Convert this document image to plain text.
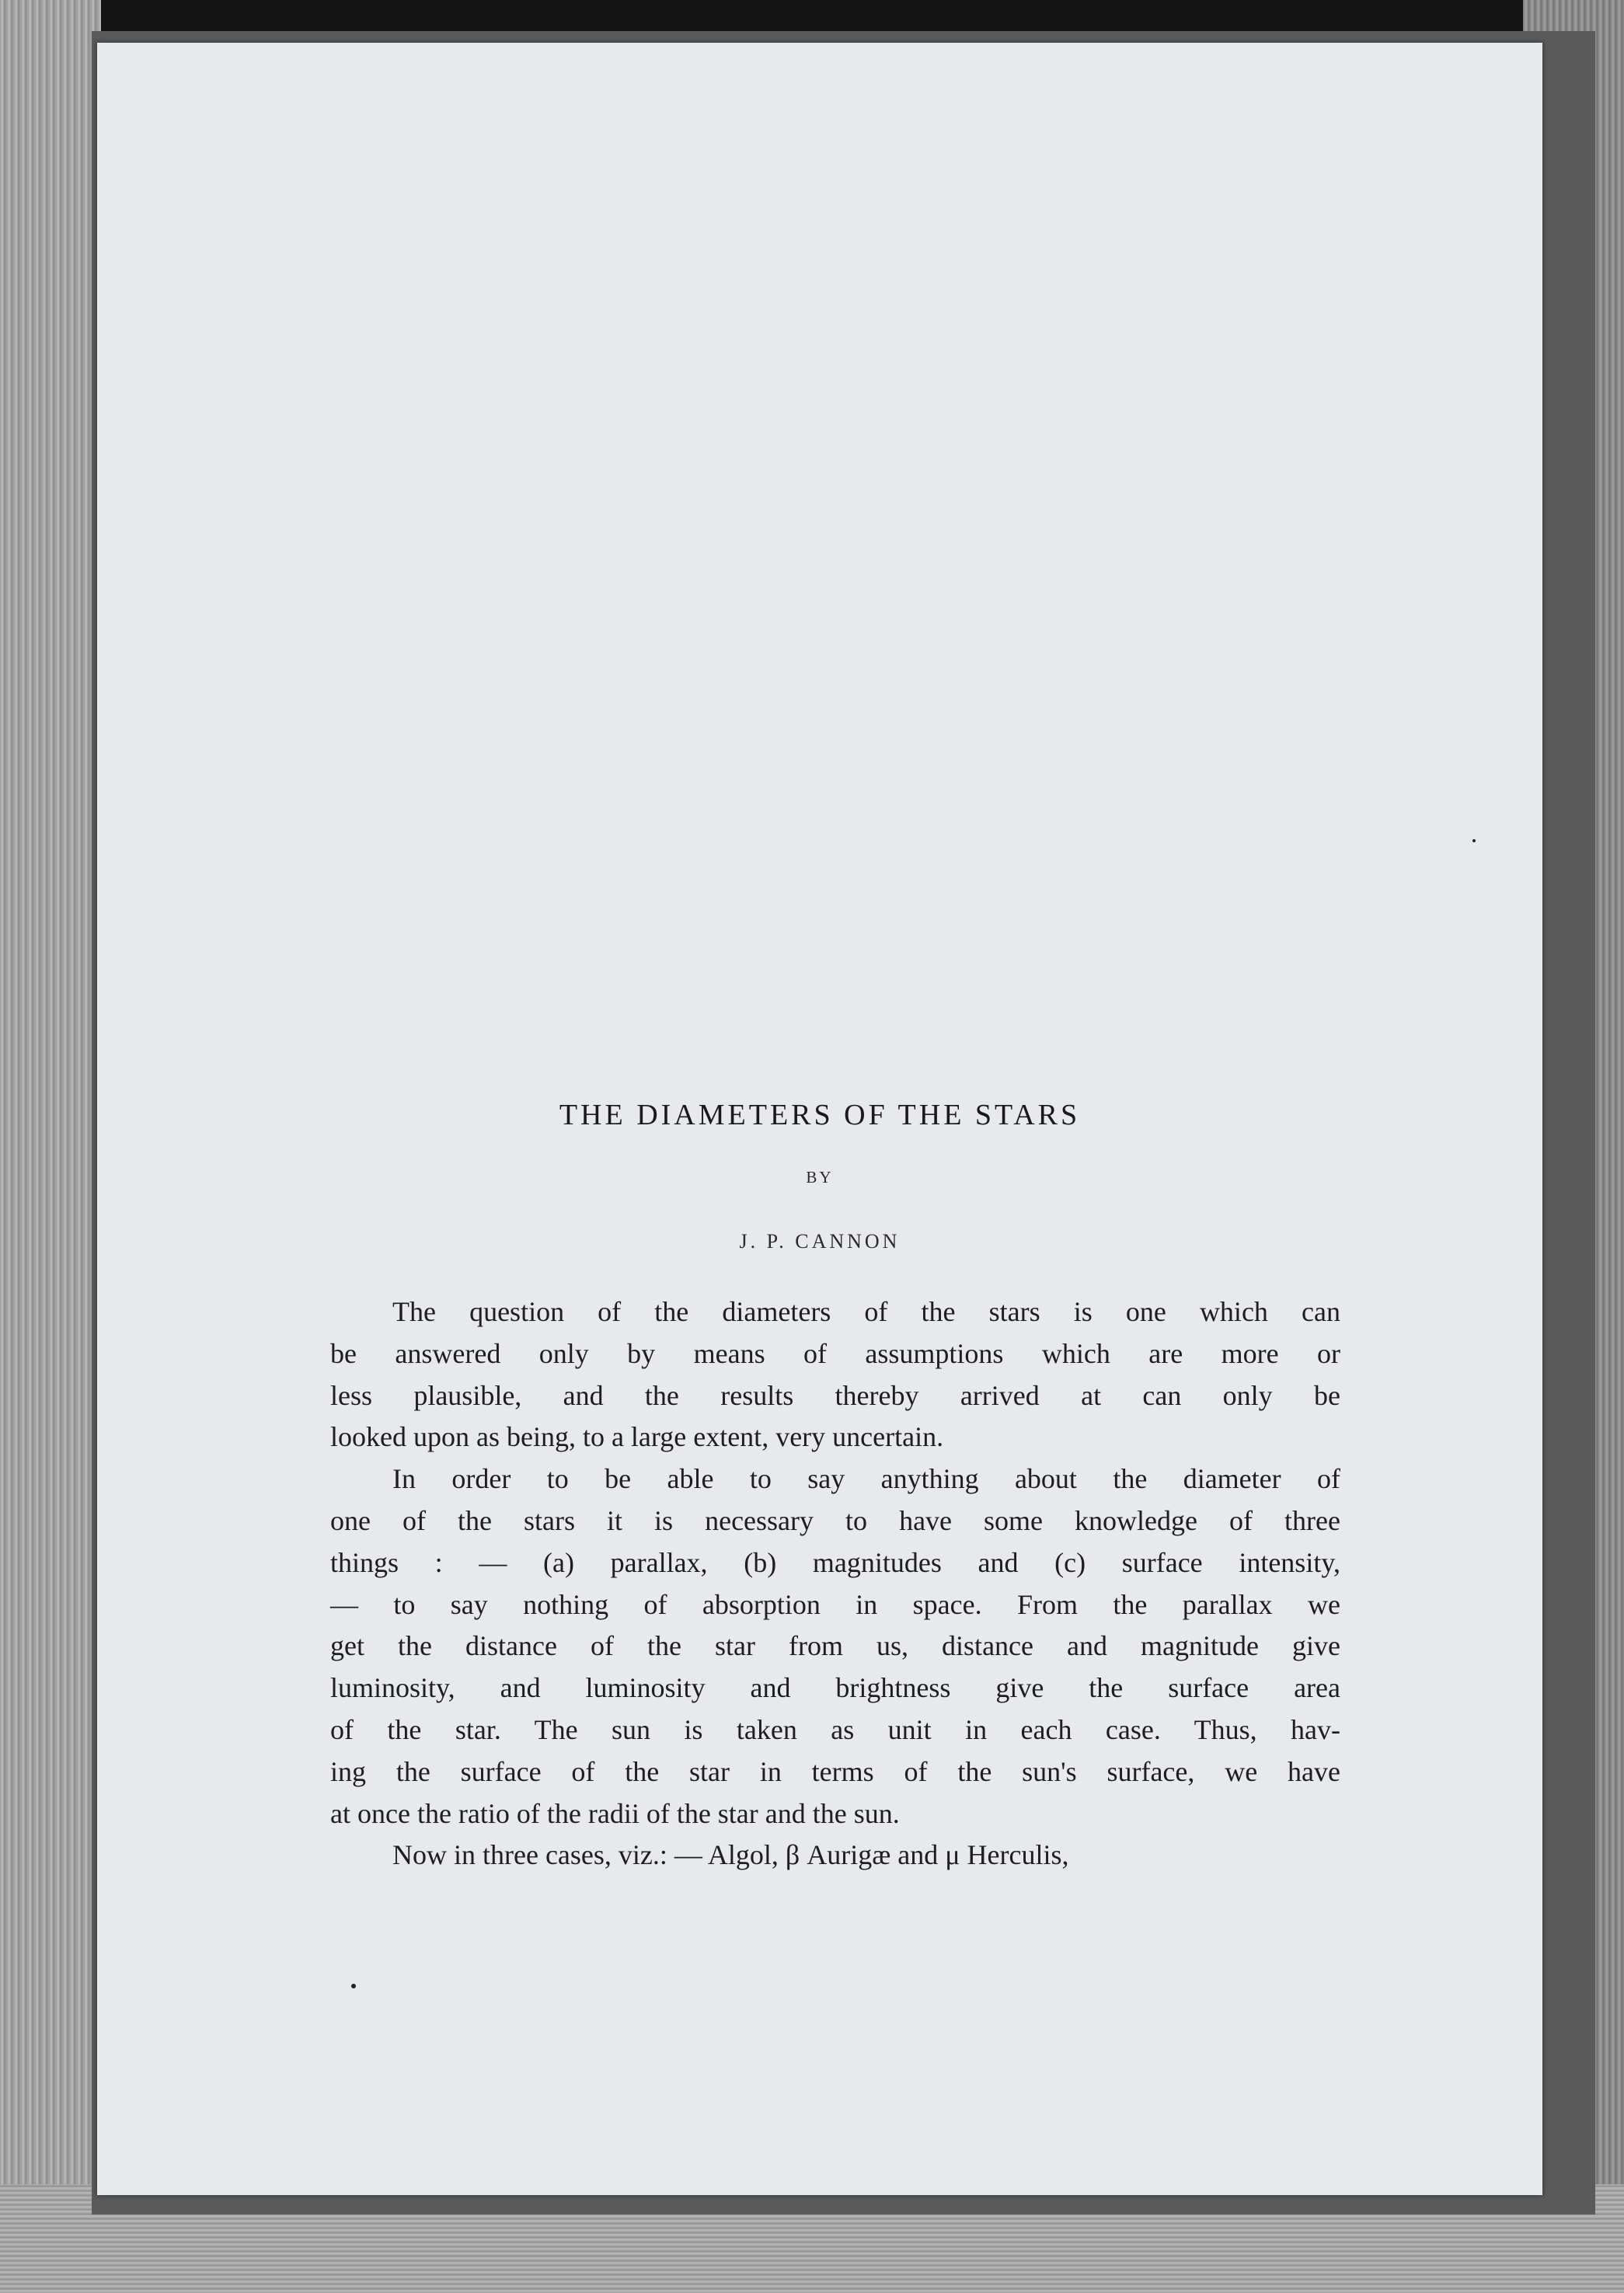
THE DIAMETERS OF THE STARS
BY
J. P. CANNON
The question of the diameters of the stars is one which can
be answered only by means of assumptions which are more or
less plausible, and the results thereby arrived at can only be
looked upon as being, to a large extent, very uncertain.
In order to be able to say anything about the diameter of
one of the stars it is necessary to have some knowledge of three
things : — (a) parallax, (b) magnitudes and (c) surface intensity,
— to say nothing of absorption in space. From the parallax we
get the distance of the star from us, distance and magnitude give
luminosity, and luminosity and brightness give the surface area
of the star. The sun is taken as unit in each case. Thus, hav-
ing the surface of the star in terms of the sun's surface, we have
at once the ratio of the radii of the star and the sun.
Now in three cases, viz.: — Algol, β Aurigæ and μ Herculis,
